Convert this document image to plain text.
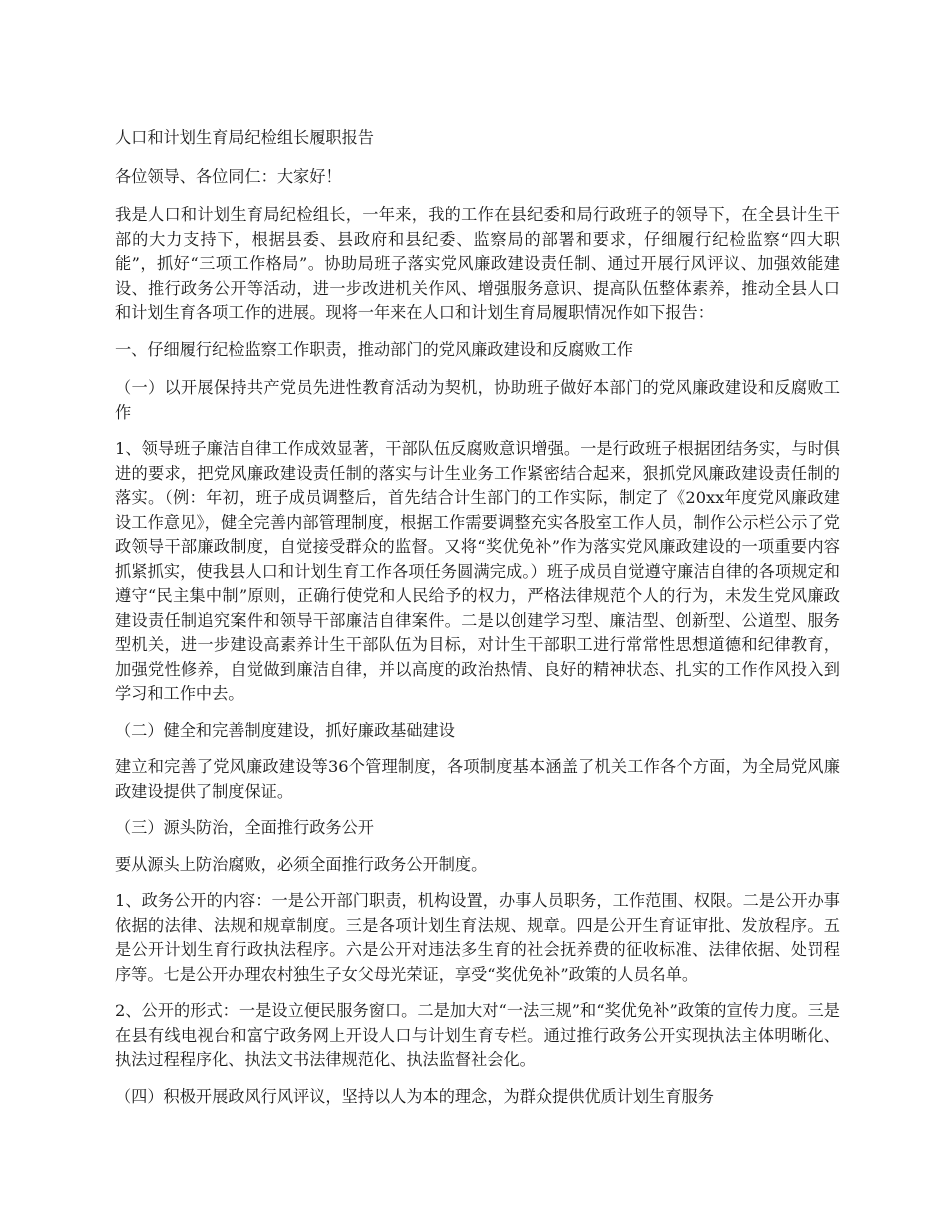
人口和计划生育局纪检组长履职报告

各位领导、各位同仁：大家好！

我是人口和计划生育局纪检组长，一年来，我的工作在县纪委和局行政班子的领导下，在全县计生干部的大力支持下，根据县委、县政府和县纪委、监察局的部署和要求，仔细履行纪检监察“四大职能”，抓好“三项工作格局”。协助局班子落实党风廉政建设责任制、通过开展行风评议、加强效能建设、推行政务公开等活动，进一步改进机关作风、增强服务意识、提高队伍整体素养，推动全县人口和计划生育各项工作的进展。现将一年来在人口和计划生育局履职情况作如下报告：

一、仔细履行纪检监察工作职责，推动部门的党风廉政建设和反腐败工作

（一）以开展保持共产党员先进性教育活动为契机，协助班子做好本部门的党风廉政建设和反腐败工作

1、领导班子廉洁自律工作成效显著，干部队伍反腐败意识增强。一是行政班子根据团结务实，与时俱进的要求，把党风廉政建设责任制的落实与计生业务工作紧密结合起来，狠抓党风廉政建设责任制的落实。（例：年初，班子成员调整后，首先结合计生部门的工作实际，制定了《20xx年度党风廉政建设工作意见》，健全完善内部管理制度，根据工作需要调整充实各股室工作人员，制作公示栏公示了党政领导干部廉政制度，自觉接受群众的监督。又将“奖优免补”作为落实党风廉政建设的一项重要内容抓紧抓实，使我县人口和计划生育工作各项任务圆满完成。）班子成员自觉遵守廉洁自律的各项规定和遵守“民主集中制”原则，正确行使党和人民给予的权力，严格法律规范个人的行为，未发生党风廉政建设责任制追究案件和领导干部廉洁自律案件。二是以创建学习型、廉洁型、创新型、公道型、服务型机关，进一步建设高素养计生干部队伍为目标，对计生干部职工进行常常性思想道德和纪律教育，加强党性修养，自觉做到廉洁自律，并以高度的政治热情、良好的精神状态、扎实的工作作风投入到学习和工作中去。

（二）健全和完善制度建设，抓好廉政基础建设

建立和完善了党风廉政建设等36个管理制度，各项制度基本涵盖了机关工作各个方面，为全局党风廉政建设提供了制度保证。

（三）源头防治，全面推行政务公开

要从源头上防治腐败，必须全面推行政务公开制度。

1、政务公开的内容：一是公开部门职责，机构设置，办事人员职务，工作范围、权限。二是公开办事依据的法律、法规和规章制度。三是各项计划生育法规、规章。四是公开生育证审批、发放程序。五是公开计划生育行政执法程序。六是公开对违法多生育的社会抚养费的征收标准、法律依据、处罚程序等。七是公开办理农村独生子女父母光荣证，享受“奖优免补”政策的人员名单。

2、公开的形式：一是设立便民服务窗口。二是加大对“一法三规”和“奖优免补”政策的宣传力度。三是在县有线电视台和富宁政务网上开设人口与计划生育专栏。通过推行政务公开实现执法主体明晰化、执法过程程序化、执法文书法律规范化、执法监督社会化。

（四）积极开展政风行风评议，坚持以人为本的理念，为群众提供优质计划生育服务
